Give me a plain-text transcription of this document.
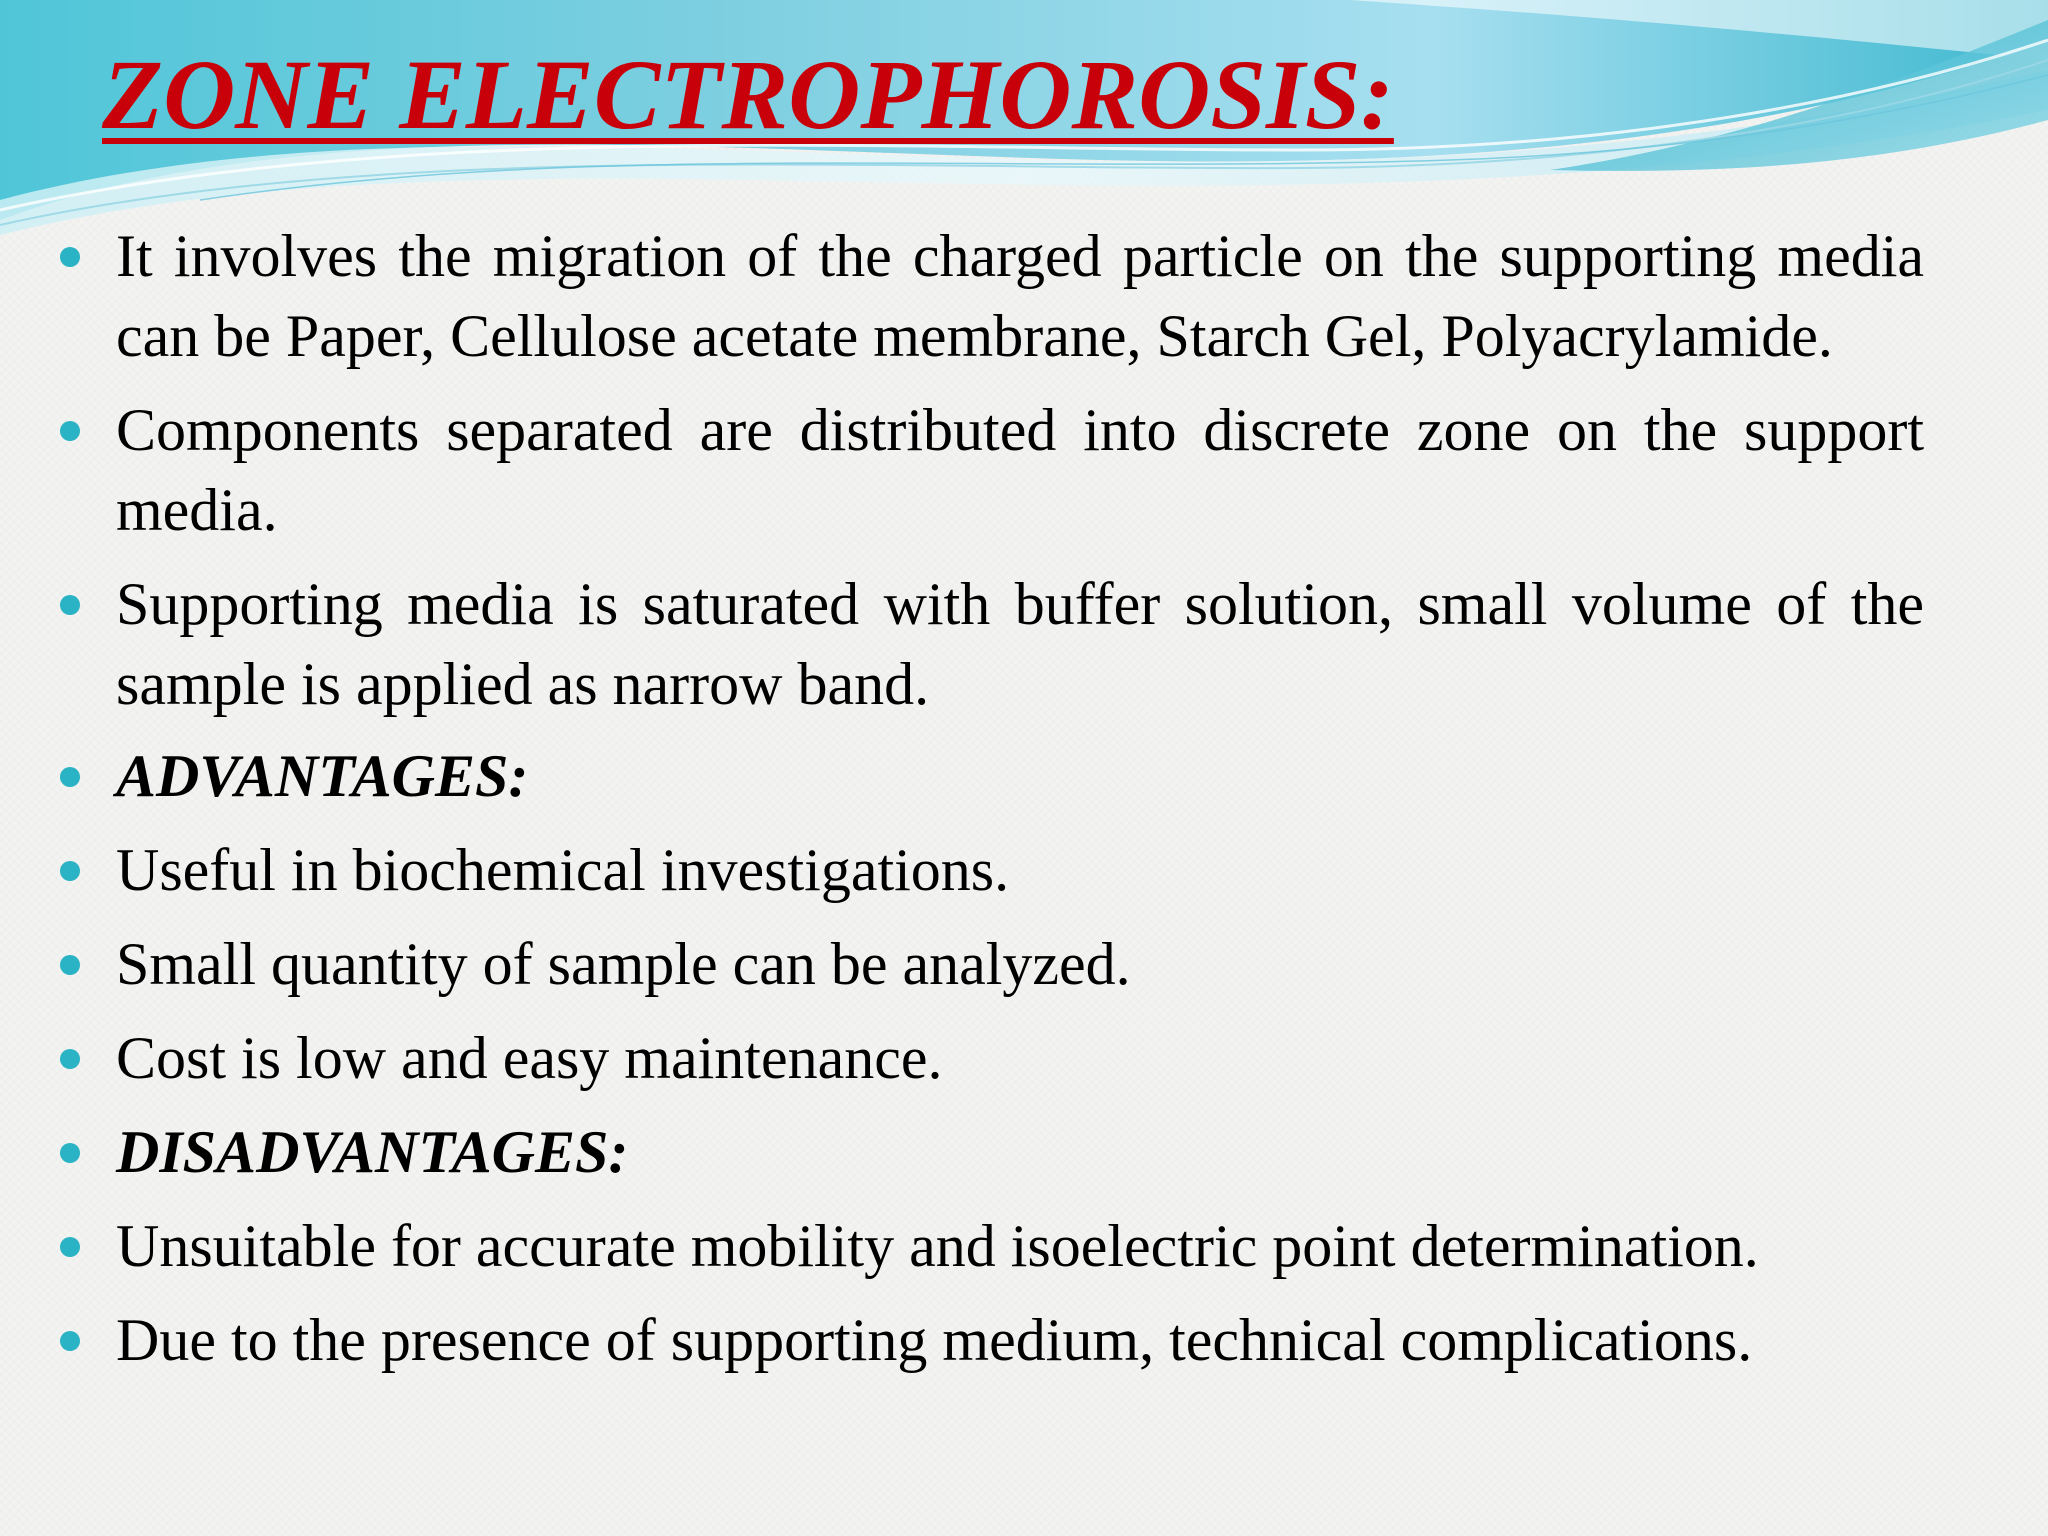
ZONE ELECTROPHOROSIS:
It involves the migration of the charged particle on the supporting media can be Paper, Cellulose acetate membrane, Starch Gel, Polyacrylamide.
Components separated are distributed into discrete zone on the support media.
Supporting media is saturated with buffer solution, small volume of the sample is applied as narrow band.
ADVANTAGES:
Useful in biochemical investigations.
Small quantity of sample can be analyzed.
Cost is low and easy maintenance.
DISADVANTAGES:
Unsuitable for accurate mobility and isoelectric point determination.
Due to the presence of supporting medium, technical complications.
